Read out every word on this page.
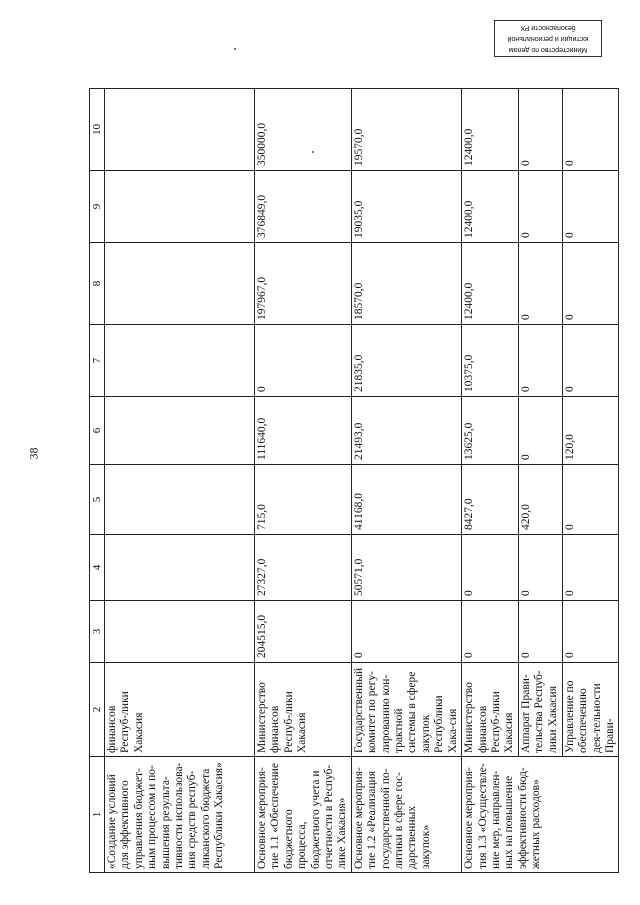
38
Министерство по делам
юстиции и региональной
безопасности РХ
1	2	3	4	5	6	7	8	9	10
«Создание условий для эффективного управления бюджет-ным процессом и по-вышения результа-тивности использова-ния средств респуб-ликанского бюджета Республики Хакасия»	финансов Респуб-лики Хакасия								
Основное мероприя-тие 1.1 «Обеспечение бюджетного процесса, бюджетного учета и отчетности в Респуб-лике Хакасия»	Министерство финансов Респуб-лики Хакасия	204515,0	27327,0	715,0	111640,0	0	197967,0	376849,0	350000,0
Основное мероприя-тие 1.2 «Реализация государственной по-литики в сфере гос-дарственных закупок»	Государственный комитет по регу-лированию кон-трактной системы в сфере закупок Республики Хака-сия	0	50571,0	41168,0	21493,0	21835,0	18570,0	19035,0	19570,0
Основное мероприя-тия 1.3 «Осуществле-ние мер, направлен-ных на повышение эффективности бюд-жетных расходов»	Министерство финансов Респуб-лики Хакасия	0	0	8427,0	13625,0	10375,0	12400,0	12400,0	12400,0
	Аппарат Прави-тельства Респуб-лики Хакасия	0	0	420,0	0	0	0	0	0
	Управление по обеспечению дея-тельности Прави-	0	0	0	120,0	0	0	0	0
